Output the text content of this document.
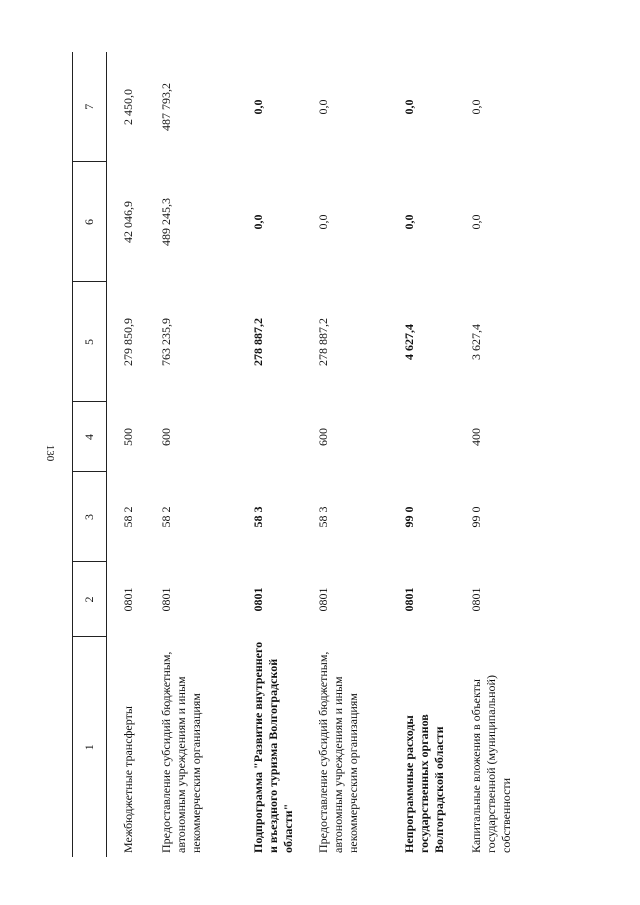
130
1	2	3	4	5	6	7
Межбюджетные трансферты	0801	58 2	500	279 850,9	42 046,9	2 450,0
Предоставление субсидий бюджетным, автономным учреждениям и иным некоммерческим организациям	0801	58 2	600	763 235,9	489 245,3	487 793,2
Подпрограмма "Развитие внутреннего и въездного туризма Волгоградской области"	0801	58 3		278 887,2	0,0	0,0
Предоставление субсидий бюджетным, автономным учреждениям и иным некоммерческим организациям	0801	58 3	600	278 887,2	0,0	0,0
Непрограммные расходы государственных органов Волгоградской области	0801	99 0		4 627,4	0,0	0,0
Капитальные вложения в объекты государственной (муниципальной) собственности	0801	99 0	400	3 627,4	0,0	0,0
